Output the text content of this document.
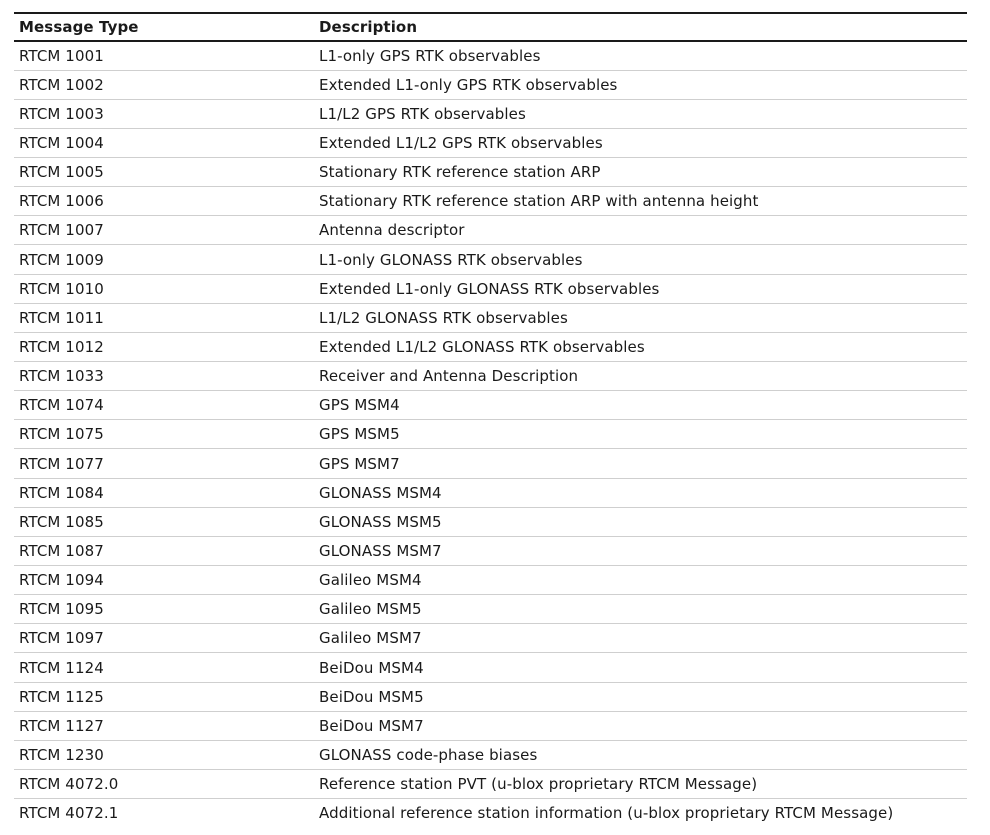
Message Type	Description
RTCM 1001	L1-only GPS RTK observables
RTCM 1002	Extended L1-only GPS RTK observables
RTCM 1003	L1/L2 GPS RTK observables
RTCM 1004	Extended L1/L2 GPS RTK observables
RTCM 1005	Stationary RTK reference station ARP
RTCM 1006	Stationary RTK reference station ARP with antenna height
RTCM 1007	Antenna descriptor
RTCM 1009	L1-only GLONASS RTK observables
RTCM 1010	Extended L1-only GLONASS RTK observables
RTCM 1011	L1/L2 GLONASS RTK observables
RTCM 1012	Extended L1/L2 GLONASS RTK observables
RTCM 1033	Receiver and Antenna Description
RTCM 1074	GPS MSM4
RTCM 1075	GPS MSM5
RTCM 1077	GPS MSM7
RTCM 1084	GLONASS MSM4
RTCM 1085	GLONASS MSM5
RTCM 1087	GLONASS MSM7
RTCM 1094	Galileo MSM4
RTCM 1095	Galileo MSM5
RTCM 1097	Galileo MSM7
RTCM 1124	BeiDou MSM4
RTCM 1125	BeiDou MSM5
RTCM 1127	BeiDou MSM7
RTCM 1230	GLONASS code-phase biases
RTCM 4072.0	Reference station PVT (u-blox proprietary RTCM Message)
RTCM 4072.1	Additional reference station information (u-blox proprietary RTCM Message)
